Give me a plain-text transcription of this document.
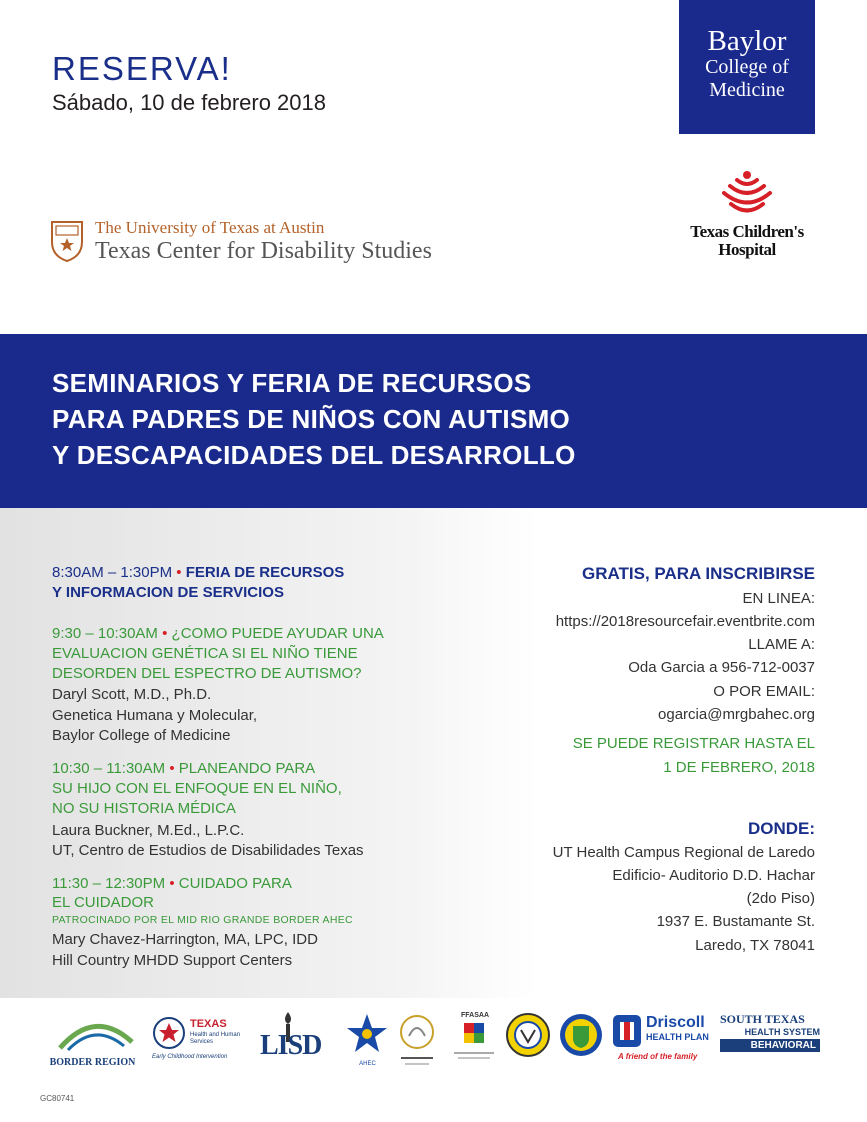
RESERVA!
Sábado, 10 de febrero 2018
Baylor
College of
Medicine
The University of Texas at Austin
Texas Center for Disability Studies
Texas Children's
Hospital
SEMINARIOS Y FERIA DE RECURSOS
PARA PADRES DE NIÑOS CON AUTISMO
Y DESCAPACIDADES DEL DESARROLLO
8:30AM – 1:30PM • FERIA DE RECURSOS
Y INFORMACION DE SERVICIOS
9:30 – 10:30AM • ¿COMO PUEDE AYUDAR UNA
EVALUACION GENÉTICA SI EL NIÑO TIENE
DESORDEN DEL ESPECTRO DE AUTISMO?
Daryl Scott, M.D., Ph.D.
Genetica Humana y Molecular,
Baylor College of Medicine
10:30 – 11:30AM • PLANEANDO PARA
SU HIJO CON EL ENFOQUE EN EL NIÑO,
NO SU HISTORIA MÉDICA
Laura Buckner, M.Ed., L.P.C.
UT, Centro de Estudios de Disabilidades Texas
11:30 – 12:30PM • CUIDADO PARA
EL CUIDADOR
PATROCINADO POR EL MID RIO GRANDE BORDER AHEC
Mary Chavez-Harrington, MA, LPC, IDD
Hill Country MHDD Support Centers
GRATIS, PARA INSCRIBIRSE
EN LINEA:
https://2018resourcefair.eventbrite.com
LLAME A:
Oda Garcia a 956-712-0037
O POR EMAIL:
ogarcia@mrgbahec.org
SE PUEDE REGISTRAR HASTA EL
1 DE FEBRERO, 2018
DONDE:
UT Health Campus Regional de Laredo
Edificio- Auditorio D.D. Hachar
(2do Piso)
1937 E. Bustamante St.
Laredo, TX 78041
BORDER REGION
TEXAS
Health and Human Services
Early Childhood Intervention LISD
AHEC
FFASAA	Driscoll
HEALTH PLAN
A friend of the family
SOUTH TEXAS
HEALTH SYSTEM
BEHAVIORAL
GC80741
